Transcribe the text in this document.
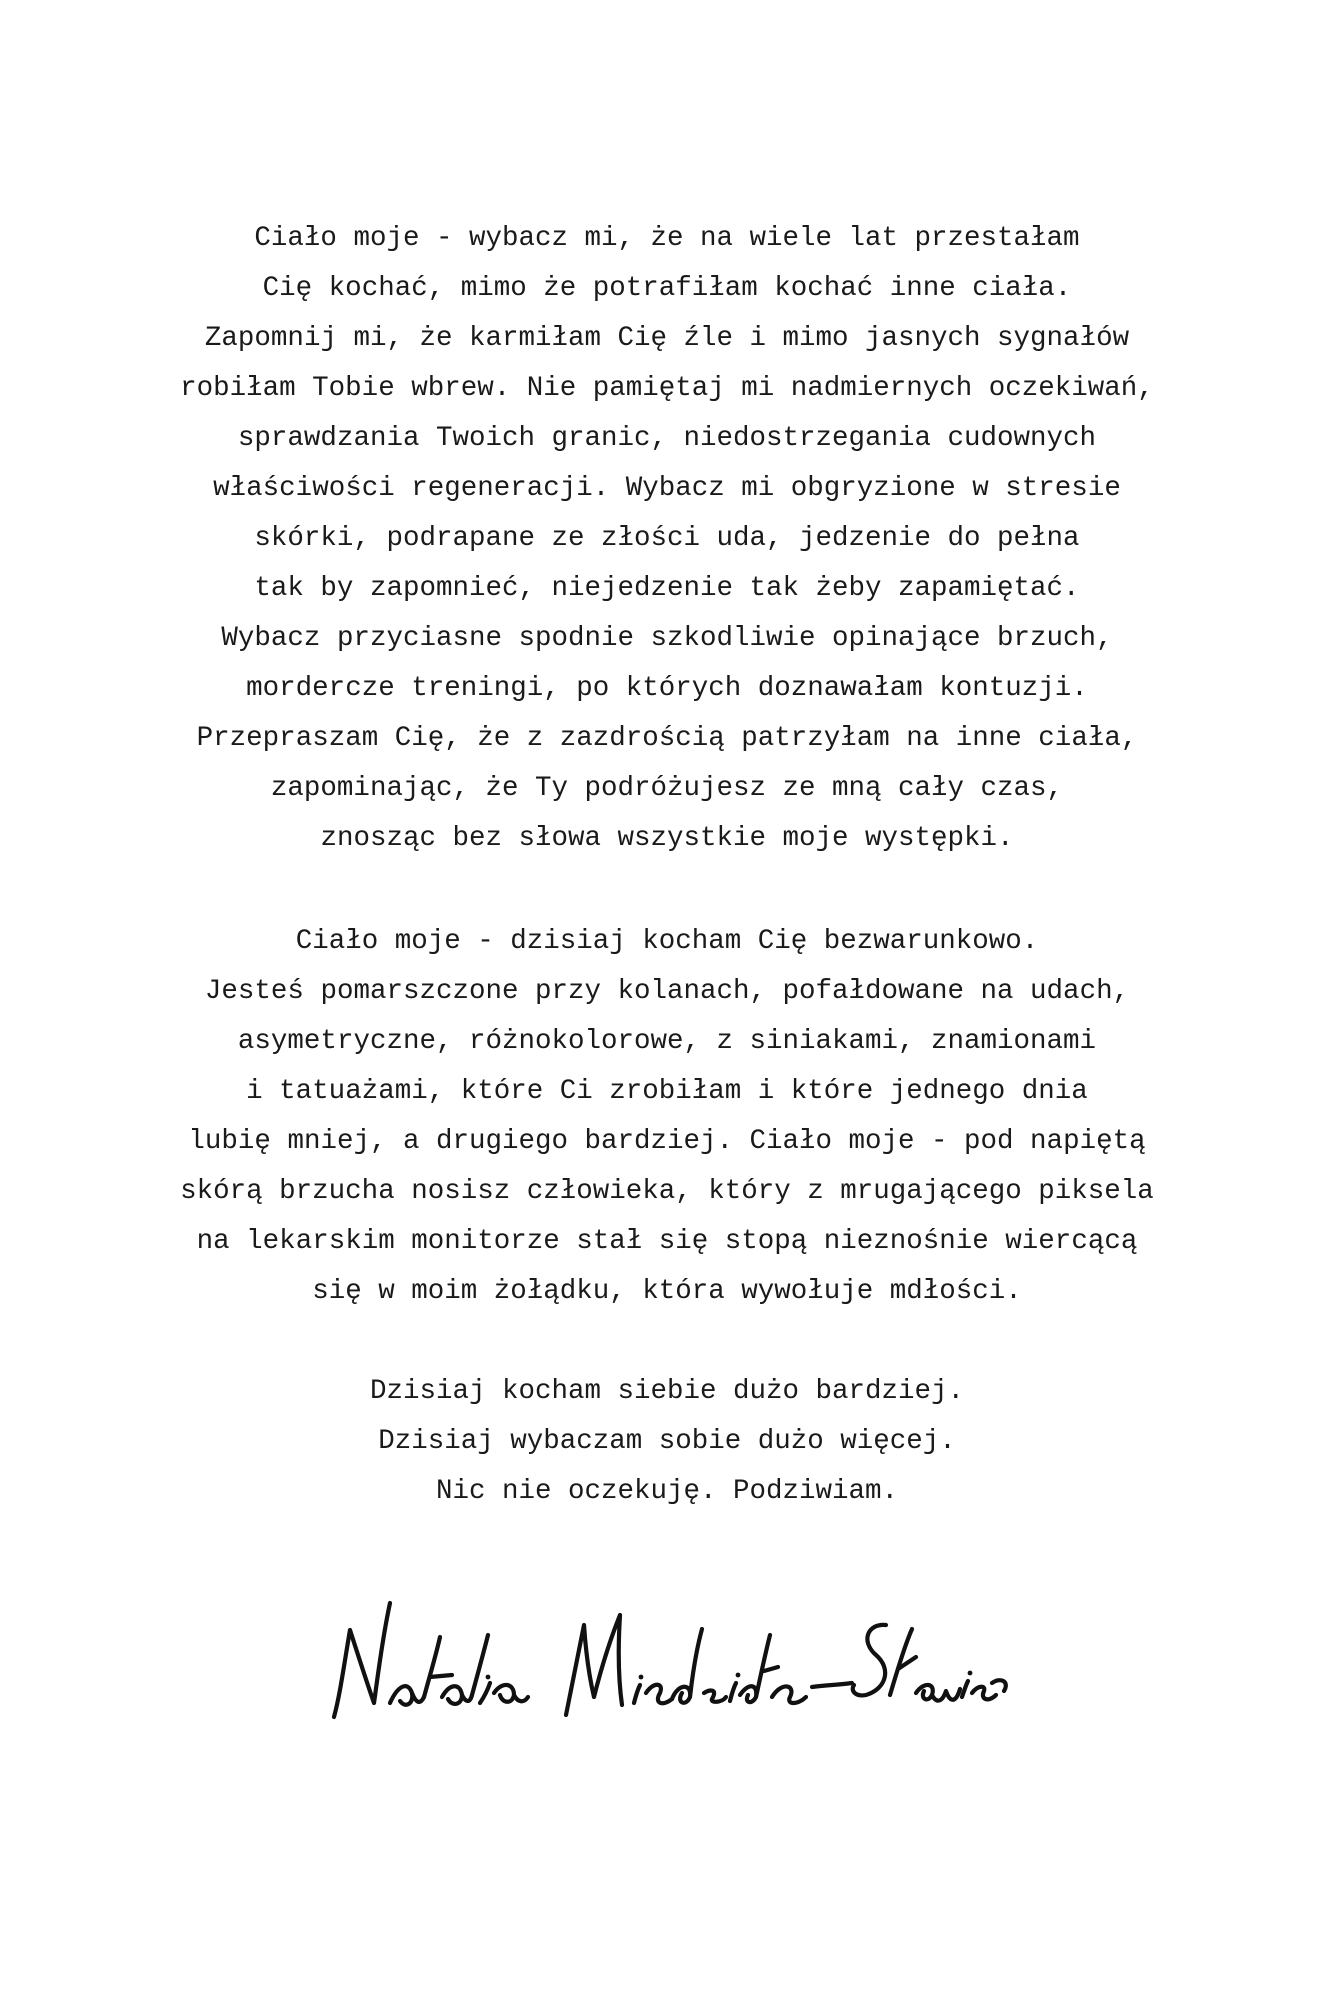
Ciało moje - wybacz mi, że na wiele lat przestałam
Cię kochać, mimo że potrafiłam kochać inne ciała.
Zapomnij mi, że karmiłam Cię źle i mimo jasnych sygnałów
robiłam Tobie wbrew. Nie pamiętaj mi nadmiernych oczekiwań,
sprawdzania Twoich granic, niedostrzegania cudownych
właściwości regeneracji. Wybacz mi obgryzione w stresie
skórki, podrapane ze złości uda, jedzenie do pełna
tak by zapomnieć, niejedzenie tak żeby zapamiętać.
Wybacz przyciasne spodnie szkodliwie opinające brzuch,
mordercze treningi, po których doznawałam kontuzji.
Przepraszam Cię, że z zazdrością patrzyłam na inne ciała,
zapominając, że Ty podróżujesz ze mną cały czas,
znosząc bez słowa wszystkie moje występki.
Ciało moje - dzisiaj kocham Cię bezwarunkowo.
Jesteś pomarszczone przy kolanach, pofałdowane na udach,
asymetryczne, różnokolorowe, z siniakami, znamionami
i tatuażami, które Ci zrobiłam i które jednego dnia
lubię mniej, a drugiego bardziej. Ciało moje - pod napiętą
skórą brzucha nosisz człowieka, który z mrugającego piksela
na lekarskim monitorze stał się stopą nieznośnie wiercącą
się w moim żołądku, która wywołuje mdłości.
Dzisiaj kocham siebie dużo bardziej.
Dzisiaj wybaczam sobie dużo więcej.
Nic nie oczekuję. Podziwiam.
